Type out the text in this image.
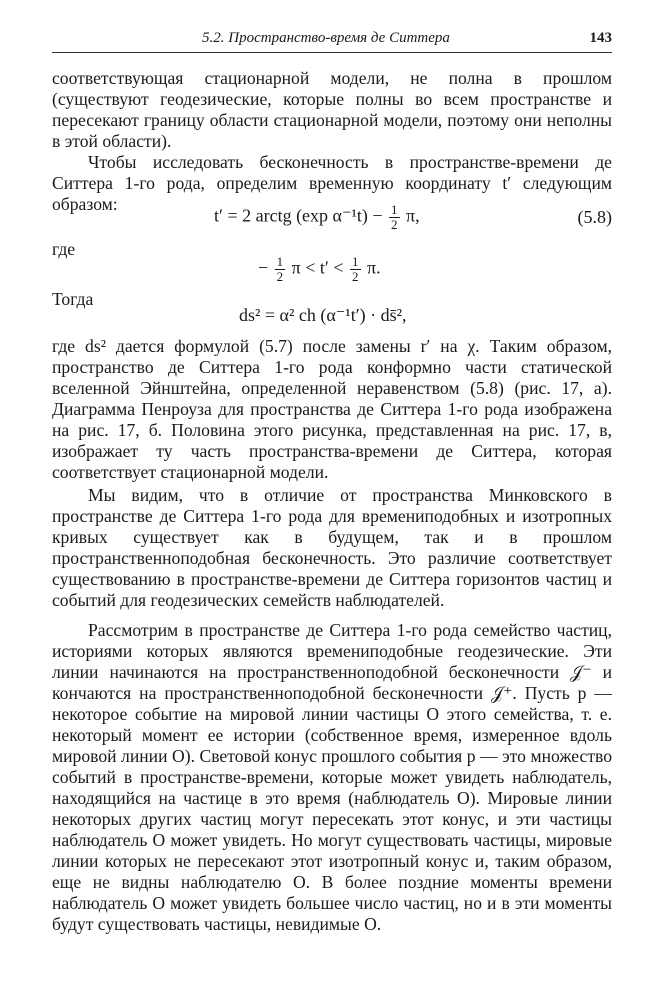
5.2. Пространство-время де Ситтера	143
соответствующая стационарной модели, не полна в прошлом (существуют геодезические, которые полны во всем пространстве и пересекают границу области стационарной модели, поэтому они неполны в этой области).
Чтобы исследовать бесконечность в пространстве-времени де Ситтера 1-го рода, определим временную координату t′ следующим образом:
t′ = 2 arctg (exp $\alpha^{-1}t) - \frac{1}{2} \pi$,	(5.8)
где
− $\frac{1}{2}$ $\pi < t' < \frac{1}{2} \pi$.
Тогда
ds² = α² ch (α⁻¹t′) · ds̄²,
где ds² дается формулой (5.7) после замены r′ на χ. Таким образом, пространство де Ситтера 1-го рода конформно части статической вселенной Эйнштейна, определенной неравенством (5.8) (рис. 17, a). Диаграмма Пенроуза для пространства де Ситтера 1-го рода изображена на рис. 17, б. Половина этого рисунка, представленная на рис. 17, в, изображает ту часть пространства-времени де Ситтера, которая соответствует стационарной модели.
Мы видим, что в отличие от пространства Минковского в пространстве де Ситтера 1-го рода для времениподобных и изотропных кривых существует как в будущем, так и в прошлом пространственноподобная бесконечность. Это различие соответствует существованию в пространстве-времени де Ситтера горизонтов частиц и событий для геодезических семейств наблюдателей.
Рассмотрим в пространстве де Ситтера 1-го рода семейство частиц, историями которых являются времениподобные геодезические. Эти линии начинаются на пространственноподобной бесконечности 𝒥⁻ и кончаются на пространственноподобной бесконечности 𝒥⁺. Пусть p — некоторое событие на мировой линии частицы O этого семейства, т. е. некоторый момент ее истории (собственное время, измеренное вдоль мировой линии O). Световой конус прошлого события p — это множество событий в пространстве-времени, которые может увидеть наблюдатель, находящийся на частице в это время (наблюдатель O). Мировые линии некоторых других частиц могут пересекать этот конус, и эти частицы наблюдатель O может увидеть. Но могут существовать частицы, мировые линии которых не пересекают этот изотропный конус и, таким образом, еще не видны наблюдателю O. В более поздние моменты времени наблюдатель O может увидеть большее число частиц, но и в эти моменты будут существовать частицы, невидимые O.
